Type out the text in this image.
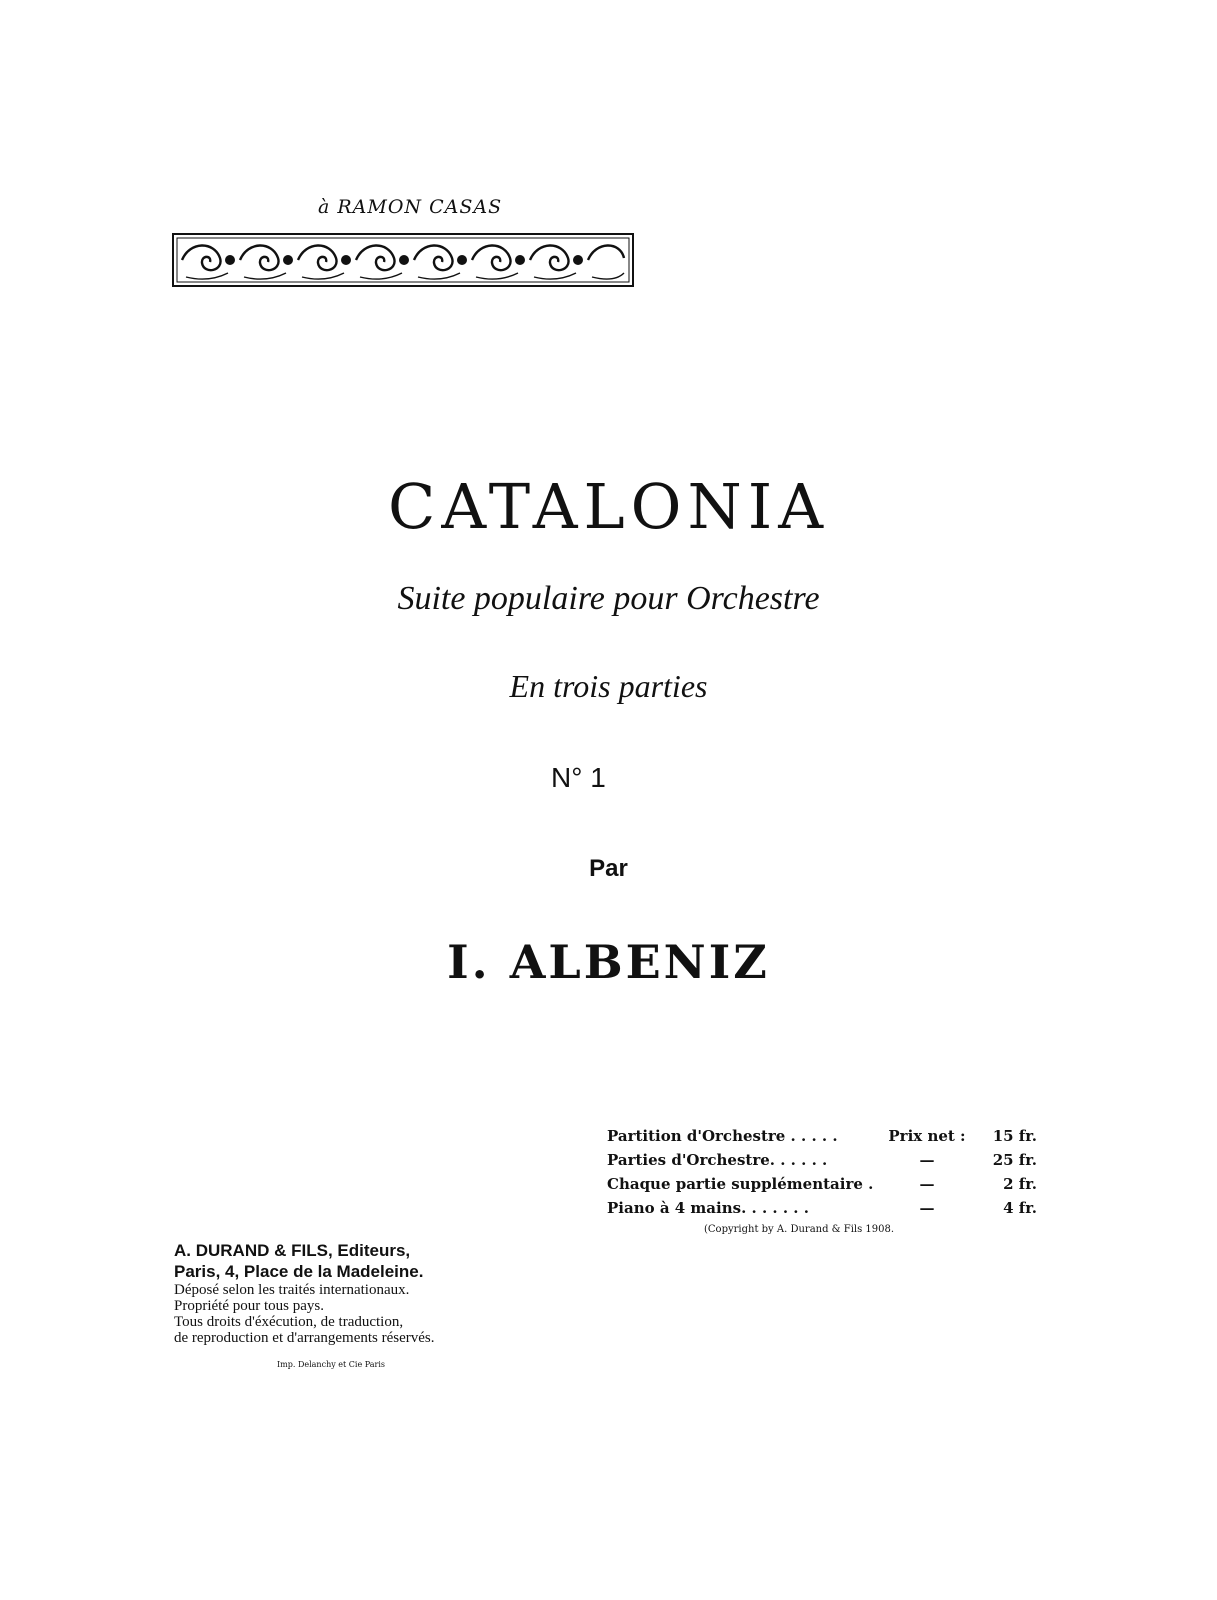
à RAMON CASAS
CATALONIA
Suite populaire pour Orchestre
En trois parties
N° 1
Par
I. ALBENIZ
Partition d'Orchestre . . . . .	Prix net :	15 fr.
Parties d'Orchestre. . . . . .	—	25 fr.
Chaque partie supplémentaire .	—	2 fr.
Piano à 4 mains. . . . . . .	—	4 fr.
(Copyright by A. Durand & Fils 1908.
A. DURAND & FILS, Editeurs,
Paris, 4, Place de la Madeleine.
Déposé selon les traités internationaux.
Propriété pour tous pays.
Tous droits d'éxécution, de traduction,
de reproduction et d'arrangements réservés.
Imp. Delanchy et Cie Paris
